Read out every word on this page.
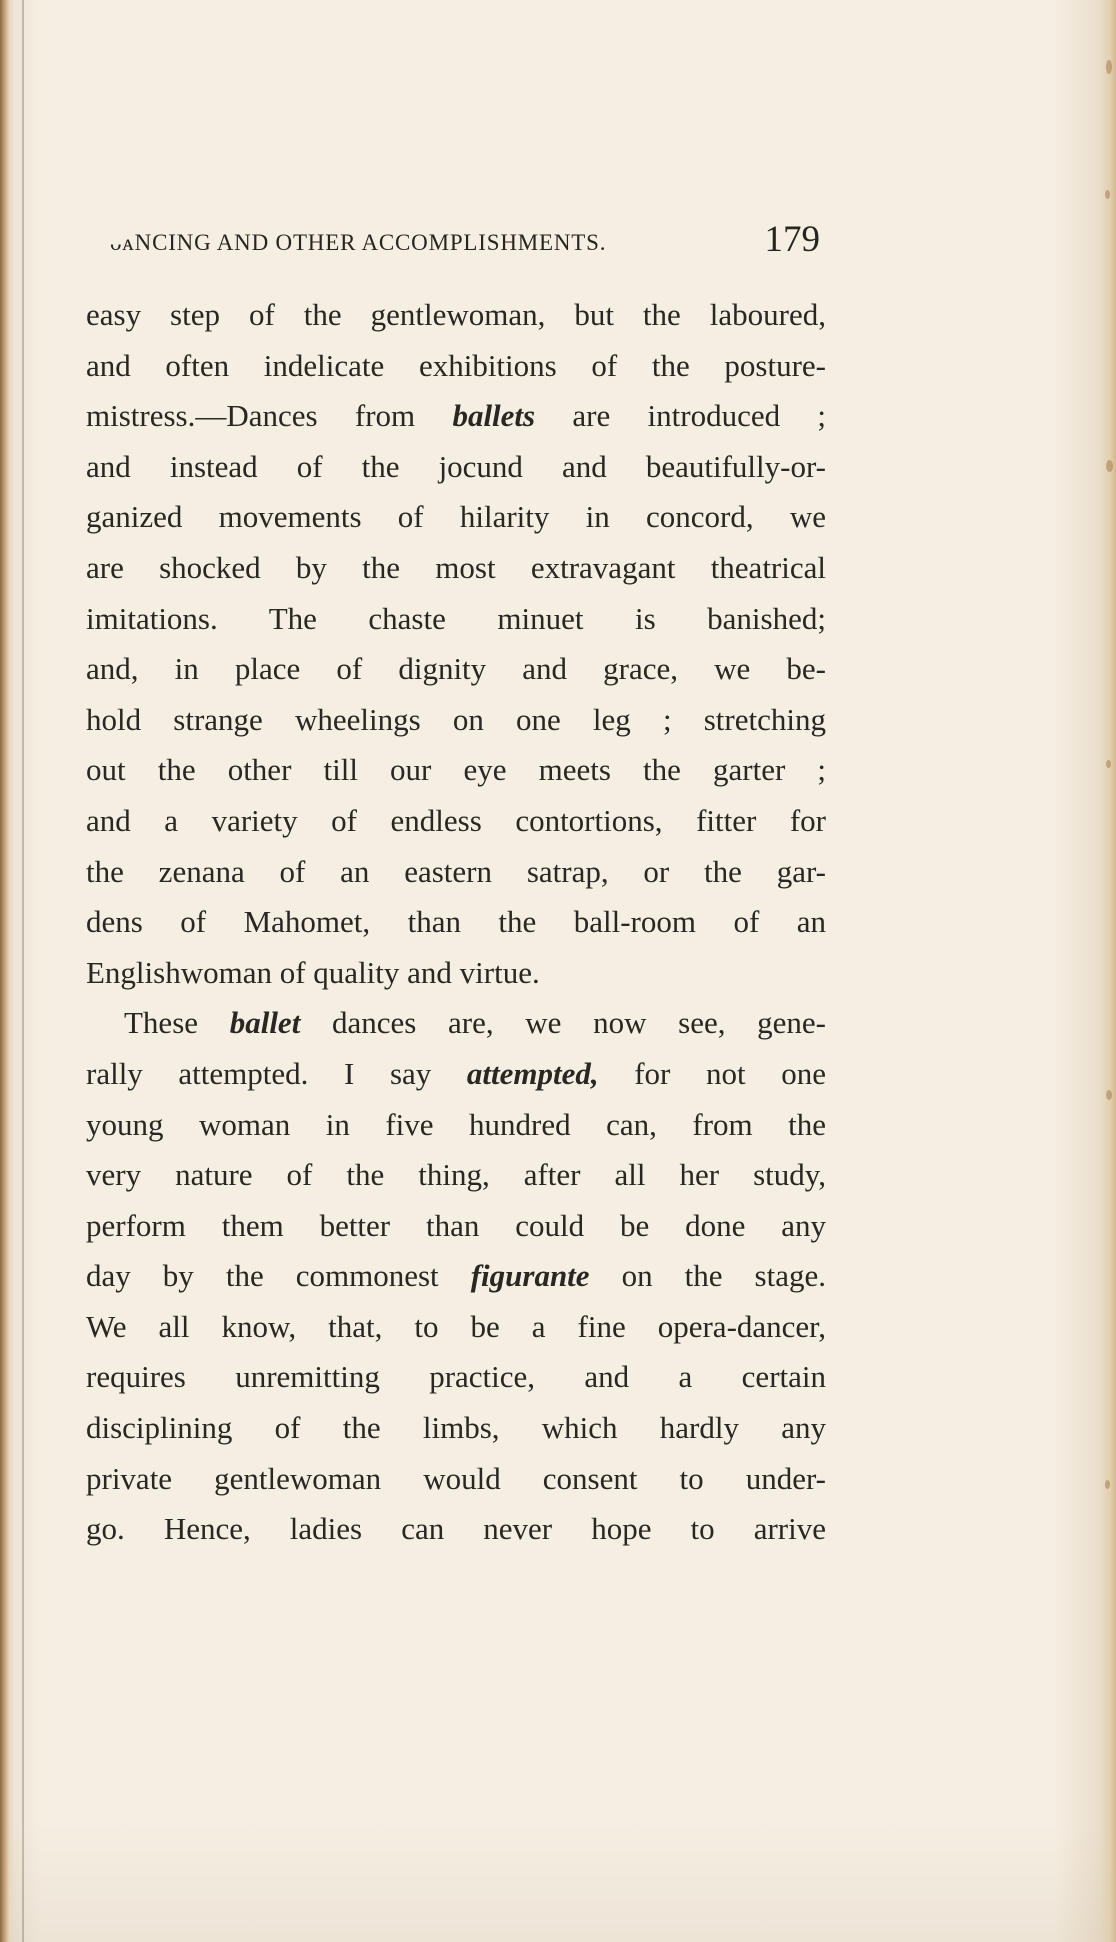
ᴗᴀNCING AND OTHER ACCOMPLISHMENTS.	179
easy step of the gentlewoman, but the laboured,
and often indelicate exhibitions of the posture-
mistress.—Dances from ballets are introduced ;
and instead of the jocund and beautifully-or-
ganized movements of hilarity in concord, we
are shocked by the most extravagant theatrical
imitations. The chaste minuet is banished;
and, in place of dignity and grace, we be-
hold strange wheelings on one leg ; stretching
out the other till our eye meets the garter ;
and a variety of endless contortions, fitter for
the zenana of an eastern satrap, or the gar-
dens of Mahomet, than the ball-room of an
Englishwoman of quality and virtue.
These ballet dances are, we now see, gene-
rally attempted. I say attempted, for not one
young woman in five hundred can, from the
very nature of the thing, after all her study,
perform them better than could be done any
day by the commonest figurante on the stage.
We all know, that, to be a fine opera-dancer,
requires unremitting practice, and a certain
disciplining of the limbs, which hardly any
private gentlewoman would consent to under-
go. Hence, ladies can never hope to arrive
